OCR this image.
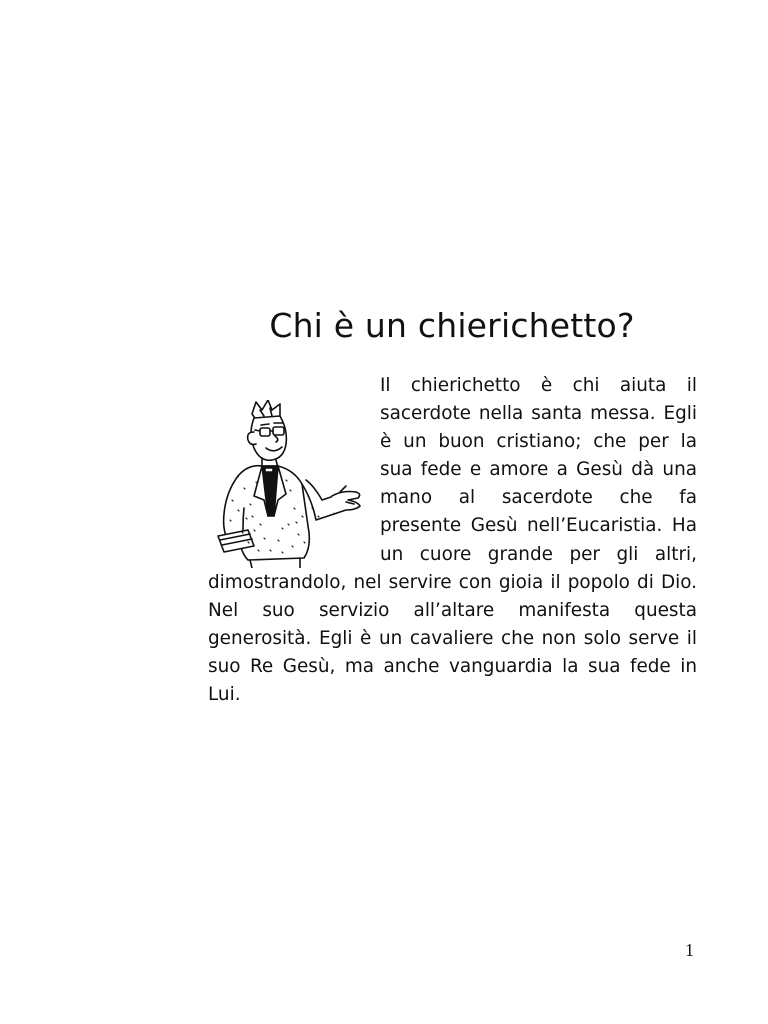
Chi è un chierichetto?
Il chierichetto è chi aiuta il sacerdote nella santa messa. Egli è un buon cristiano; che per la sua fede e amore a Gesù dà una mano al sacerdote che fa presente Gesù nell’Eucaristia. Ha un cuore grande per gli altri, dimostrandolo, nel servire con gioia il popolo di Dio. Nel suo servizio all’altare manifesta questa generosità. Egli è un cavaliere che non solo serve il suo Re Gesù, ma anche vanguardia la sua fede in Lui.
1
